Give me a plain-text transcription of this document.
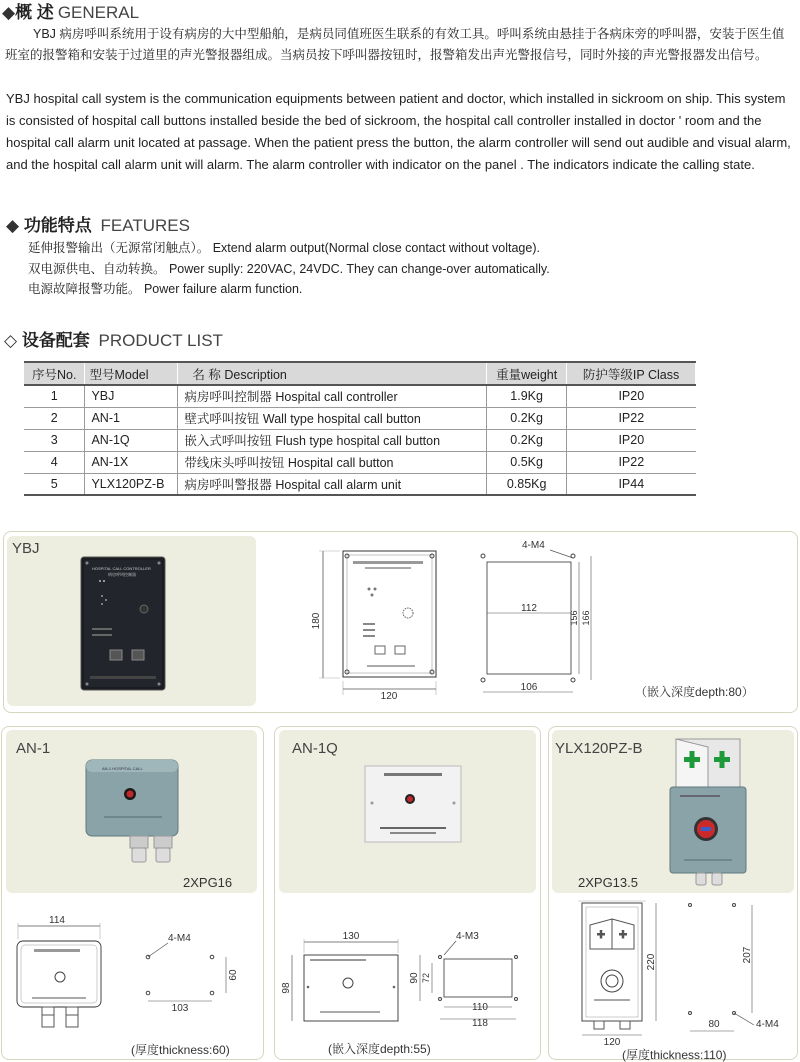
◆概 述 GENERAL
YBJ 病房呼叫系统用于设有病房的大中型船舶，是病员同值班医生联系的有效工具。呼叫系统由悬挂于各病床旁的呼叫器，安装于医生值班室的报警箱和安装于过道里的声光警报器组成。当病员按下呼叫器按钮时，报警箱发出声光警报信号，同时外接的声光警报器发出信号。
YBJ hospital call system is the communication equipments between patient and doctor, which installed in sickroom on ship. This system is consisted of hospital call buttons installed beside the bed of sickroom, the hospital call controller installed in doctor ' room and the hospital call alarm unit located at passage. When the patient press the button, the alarm controller will send out audible and visual alarm, and the hospital call alarm unit will alarm. The alarm controller with indicator on the panel . The indicators indicate the calling state.
◆ 功能特点 FEATURES
延伸报警输出（无源常闭触点）。 Extend alarm output(Normal close contact without voltage).
双电源供电、自动转换。 Power suplly: 220VAC, 24VDC. They can change-over automatically.
电源故障报警功能。 Power failure alarm function.
◇ 设备配套 PRODUCT LIST
序号No.	型号Model	名 称 Description	重量weight	防护等级IP Class
1	YBJ	病房呼叫控制器 Hospital call controller	1.9Kg	IP20
2	AN-1	壁式呼叫按钮 Wall type hospital call button	0.2Kg	IP22
3	AN-1Q	嵌入式呼叫按钮 Flush type hospital call button	0.2Kg	IP20
4	AN-1X	带线床头呼叫按钮 Hospital call button	0.5Kg	IP22
5	YLX120PZ-B	病房呼叫警报器 Hospital call alarm unit	0.85Kg	IP44
YBJ
HOSPITAL CALL CONTROLLER
病房呼叫控制器
180
120
4-M4
112
156 166
106	（嵌入深度depth:80）
AN-1
AN-1 HOSPITAL CALL
2XPG16
114
4-M4
60
103
(厚度thickness:60)
AN-1Q
130
98
4-M3
90 72
110
118
(嵌入深度depth:55)
YLX120PZ-B
2XPG13.5
120
220	207
80	4-M4
(厚度thickness:110)
